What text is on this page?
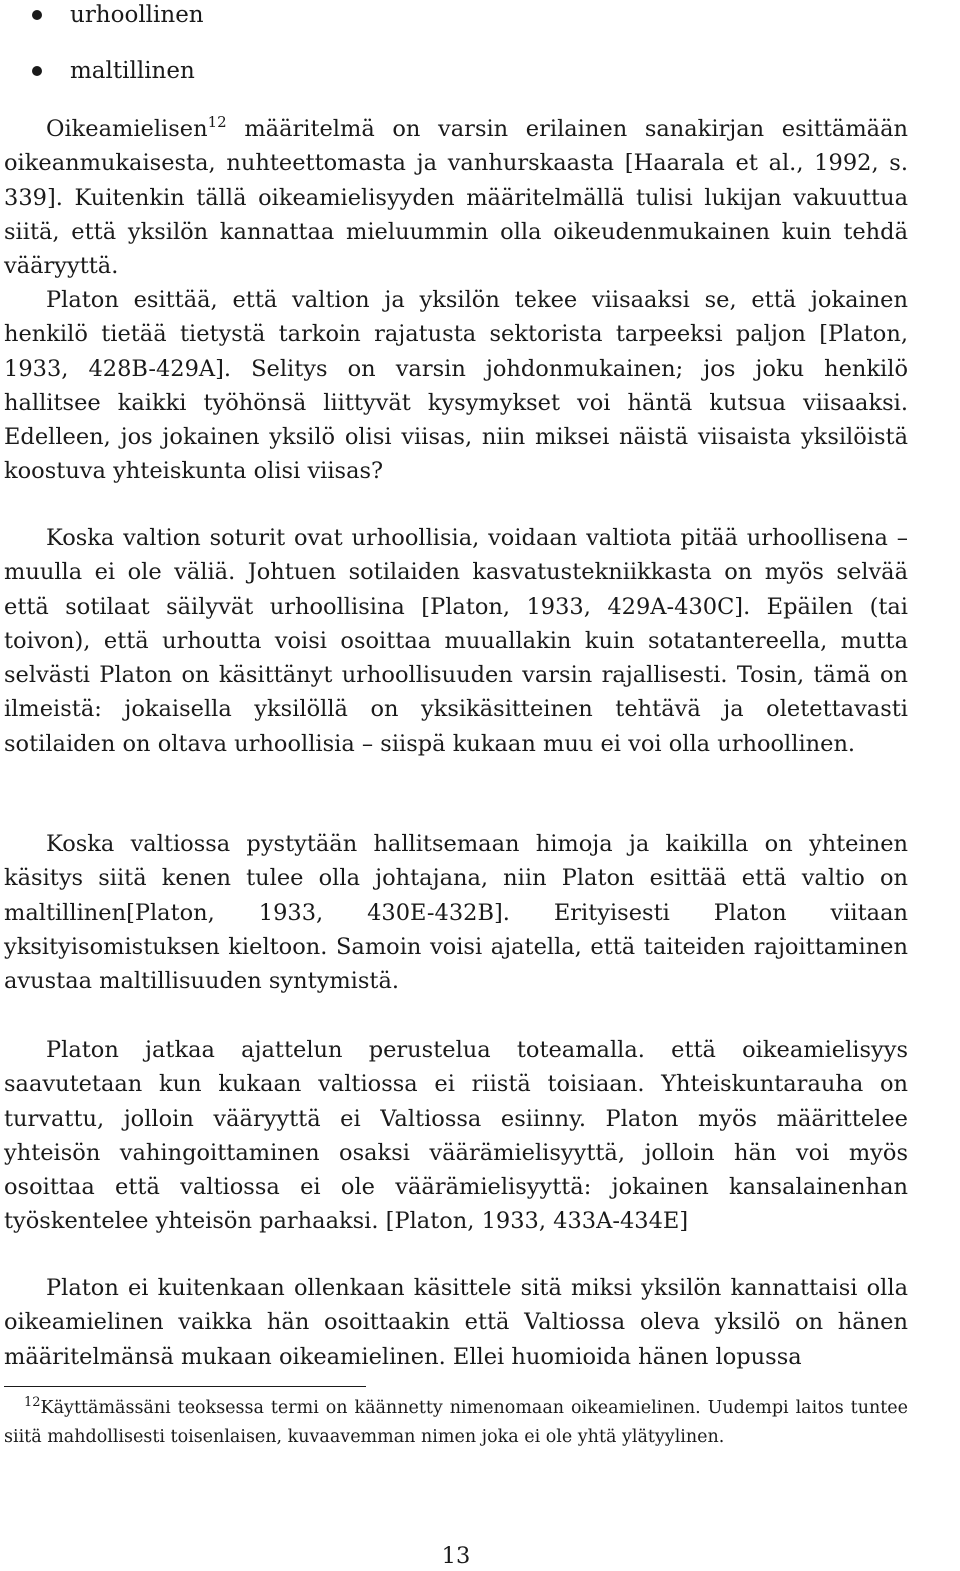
urhoollinen
maltillinen

Oikeamielisen$^{12}$ määritelmä on varsin erilainen sanakirjan esittämään oikeanmukaisesta, nuhteettomasta ja vanhurskaasta [Haarala et al., 1992, s. 339]. Kuitenkin tällä oikeamielisyyden määritelmällä tulisi lukijan vakuuttua siitä, että yksilön kannattaa mieluummin olla oikeudenmukainen kuin tehdä vääryyttä.

Platon esittää, että valtion ja yksilön tekee viisaaksi se, että jokainen henkilö tietää tietystä tarkoin rajatusta sektorista tarpeeksi paljon [Platon, 1933, 428B-429A]. Selitys on varsin johdonmukainen; jos joku henkilö hallitsee kaikki työhönsä liittyvät kysymykset voi häntä kutsua viisaaksi. Edelleen, jos jokainen yksilö olisi viisas, niin miksei näistä viisaista yksilöistä koostuva yhteiskunta olisi viisas?

Koska valtion soturit ovat urhoollisia, voidaan valtiota pitää urhoollisena – muulla ei ole väliä. Johtuen sotilaiden kasvatustekniikkasta on myös selvää että sotilaat säilyvät urhoollisina [Platon, 1933, 429A-430C]. Epäilen (tai toivon), että urhoutta voisi osoittaa muuallakin kuin sotatantereella, mutta selvästi Platon on käsittänyt urhoollisuuden varsin rajallisesti. Tosin, tämä on ilmeistä: jokaisella yksilöllä on yksikäsitteinen tehtävä ja oletettavasti sotilaiden on oltava urhoollisia – siispä kukaan muu ei voi olla urhoollinen.

Koska valtiossa pystytään hallitsemaan himoja ja kaikilla on yhteinen käsitys siitä kenen tulee olla johtajana, niin Platon esittää että valtio on maltillinen[Platon, 1933, 430E-432B]. Erityisesti Platon viitaan yksityisomistuksen kieltoon. Samoin voisi ajatella, että taiteiden rajoittaminen avustaa maltillisuuden syntymistä.

Platon jatkaa ajattelun perustelua toteamalla. että oikeamielisyys saavutetaan kun kukaan valtiossa ei riistä toisiaan. Yhteiskuntarauha on turvattu, jolloin vääryyttä ei Valtiossa esiinny. Platon myös määrittelee yhteisön vahingoittaminen osaksi väärämielisyyttä, jolloin hän voi myös osoittaa että valtiossa ei ole väärämielisyyttä: jokainen kansalainenhan työskentelee yhteisön parhaaksi. [Platon, 1933, 433A-434E]

Platon ei kuitenkaan ollenkaan käsittele sitä miksi yksilön kannattaisi olla oikeamielinen vaikka hän osoittaakin että Valtiossa oleva yksilö on hänen määritelmänsä mukaan oikeamielinen. Ellei huomioida hänen lopussa

$^{12}$Käyttämässäni teoksessa termi on käännetty nimenomaan oikeamielinen. Uudempi laitos tuntee siitä mahdollisesti toisenlaisen, kuvaavemman nimen joka ei ole yhtä ylätyylinen.

13
